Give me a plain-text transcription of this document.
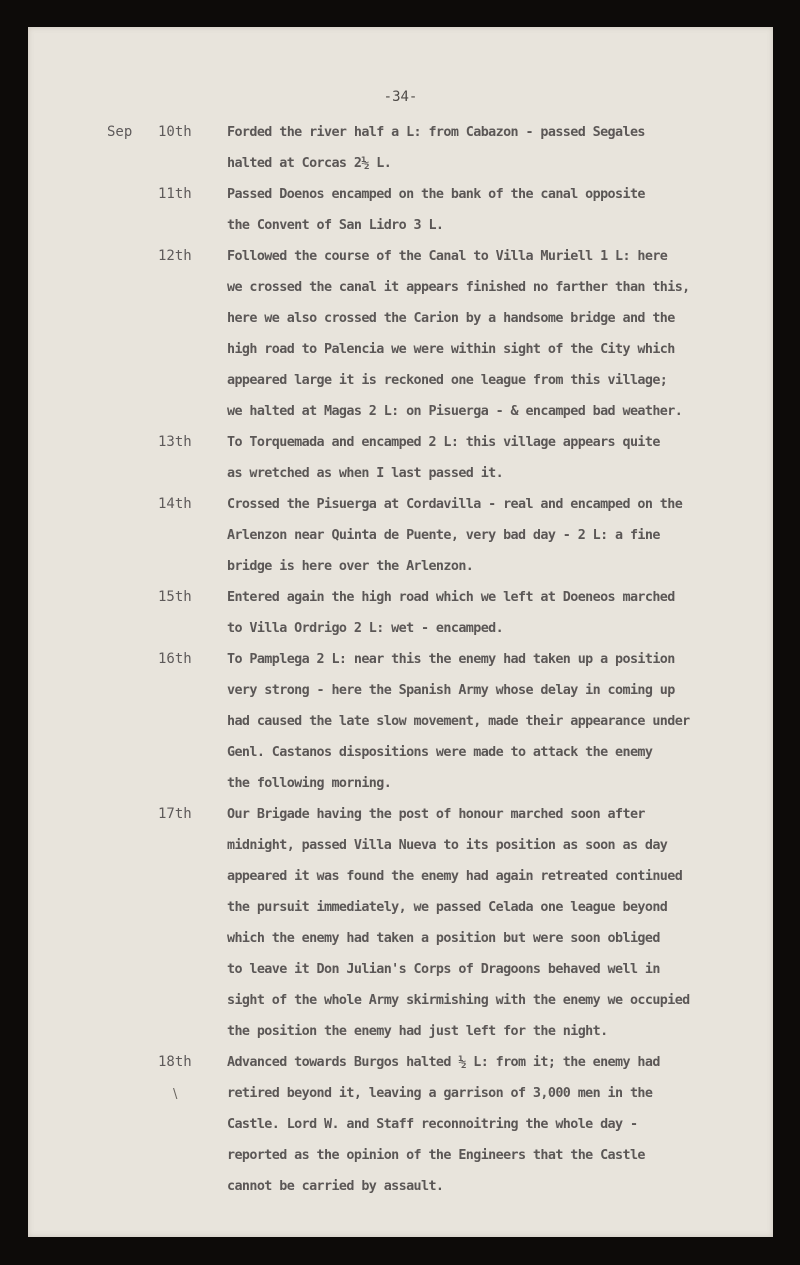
-34-
Sep 10th	Forded the river half a L: from Cabazon - passed Segales
halted at Corcas 2½ L.
11th	Passed Doenos encamped on the bank of the canal opposite
the Convent of San Lidro 3 L.
12th	Followed the course of the Canal to Villa Muriell 1 L: here
we crossed the canal it appears finished no farther than this,
here we also crossed the Carion by a handsome bridge and the
high road to Palencia we were within sight of the City which
appeared large it is reckoned one league from this village;
we halted at Magas 2 L: on Pisuerga - & encamped bad weather.
13th	To Torquemada and encamped 2 L: this village appears quite
as wretched as when I last passed it.
14th	Crossed the Pisuerga at Cordavilla - real and encamped on the
Arlenzon near Quinta de Puente, very bad day - 2 L: a fine
bridge is here over the Arlenzon.
15th	Entered again the high road which we left at Doeneos marched
to Villa Ordrigo 2 L: wet - encamped.
16th	To Pamplega 2 L: near this the enemy had taken up a position
very strong - here the Spanish Army whose delay in coming up
had caused the late slow movement, made their appearance under
Genl. Castanos dispositions were made to attack the enemy
the following morning.
17th	Our Brigade having the post of honour marched soon after
midnight, passed Villa Nueva to its position as soon as day
appeared it was found the enemy had again retreated continued
the pursuit immediately, we passed Celada one league beyond
which the enemy had taken a position but were soon obliged
to leave it Don Julian's Corps of Dragoons behaved well in
sight of the whole Army skirmishing with the enemy we occupied
the position the enemy had just left for the night.
18th	Advanced towards Burgos halted ½ L: from it; the enemy had
retired beyond it, leaving a garrison of 3,000 men in the
Castle. Lord W. and Staff reconnoitring the whole day -
reported as the opinion of the Engineers that the Castle
cannot be carried by assault.
\
